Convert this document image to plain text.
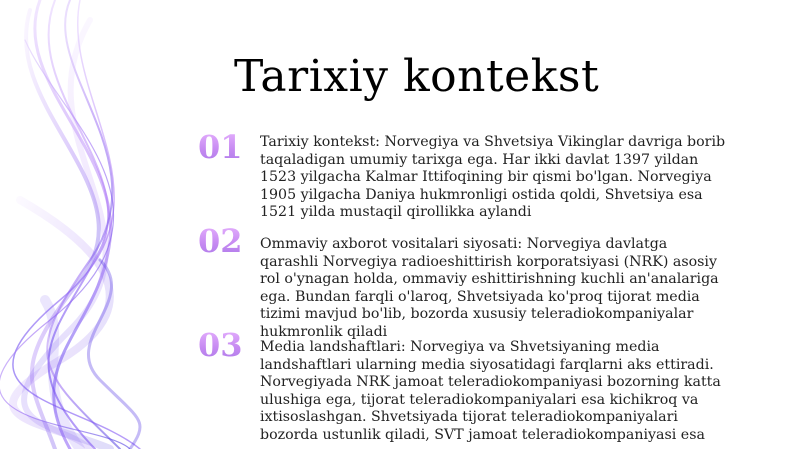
Tarixiy kontekst
01 Tarixiy kontekst: Norvegiya va Shvetsiya Vikinglar davriga borib taqaladigan umumiy tarixga ega. Har ikki davlat 1397 yildan 1523 yilgacha Kalmar Ittifoqining bir qismi bo'lgan. Norvegiya 1905 yilgacha Daniya hukmronligi ostida qoldi, Shvetsiya esa 1521 yilda mustaqil qirollikka aylandi

02 Ommaviy axborot vositalari siyosati: Norvegiya davlatga qarashli Norvegiya radioeshittirish korporatsiyasi (NRK) asosiy rol o'ynagan holda, ommaviy eshittirishning kuchli an'analariga ega. Bundan farqli o'laroq, Shvetsiyada ko'proq tijorat media tizimi mavjud bo'lib, bozorda xususiy teleradiokompaniyalar hukmronlik qiladi

03 Media landshaftlari: Norvegiya va Shvetsiyaning media landshaftlari ularning media siyosatidagi farqlarni aks ettiradi. Norvegiyada NRK jamoat teleradiokompaniyasi bozorning katta ulushiga ega, tijorat teleradiokompaniyalari esa kichikroq va ixtisoslashgan. Shvetsiyada tijorat teleradiokompaniyalari bozorda ustunlik qiladi, SVT jamoat teleradiokompaniyasi esa
